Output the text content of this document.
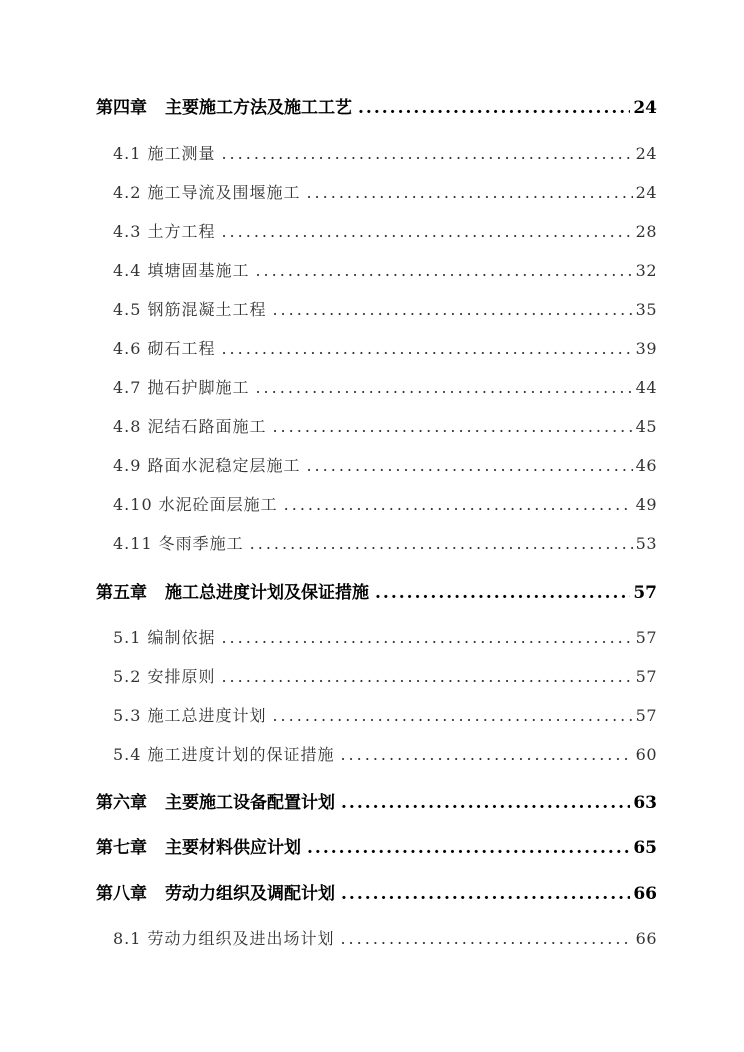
第四章 主要施工方法及施工工艺 .....	24
4.1 施工测量 .....	24
4.2 施工导流及围堰施工 .....	24
4.3 土方工程 .....	28
4.4 填塘固基施工 .....	32
4.5 钢筋混凝土工程 .....	35
4.6 砌石工程 .....	39
4.7 抛石护脚施工 .....	44
4.8 泥结石路面施工 .....	45
4.9 路面水泥稳定层施工 .....	46
4.10 水泥砼面层施工 .....	49
4.11 冬雨季施工 .....	53
第五章 施工总进度计划及保证措施 .....	57
5.1 编制依据 .....	57
5.2 安排原则 .....	57
5.3 施工总进度计划 .....	57
5.4 施工进度计划的保证措施 .....	60
第六章 主要施工设备配置计划 .....	63
第七章 主要材料供应计划 .....	65
第八章 劳动力组织及调配计划 .....	66
8.1 劳动力组织及进出场计划 .....	66
